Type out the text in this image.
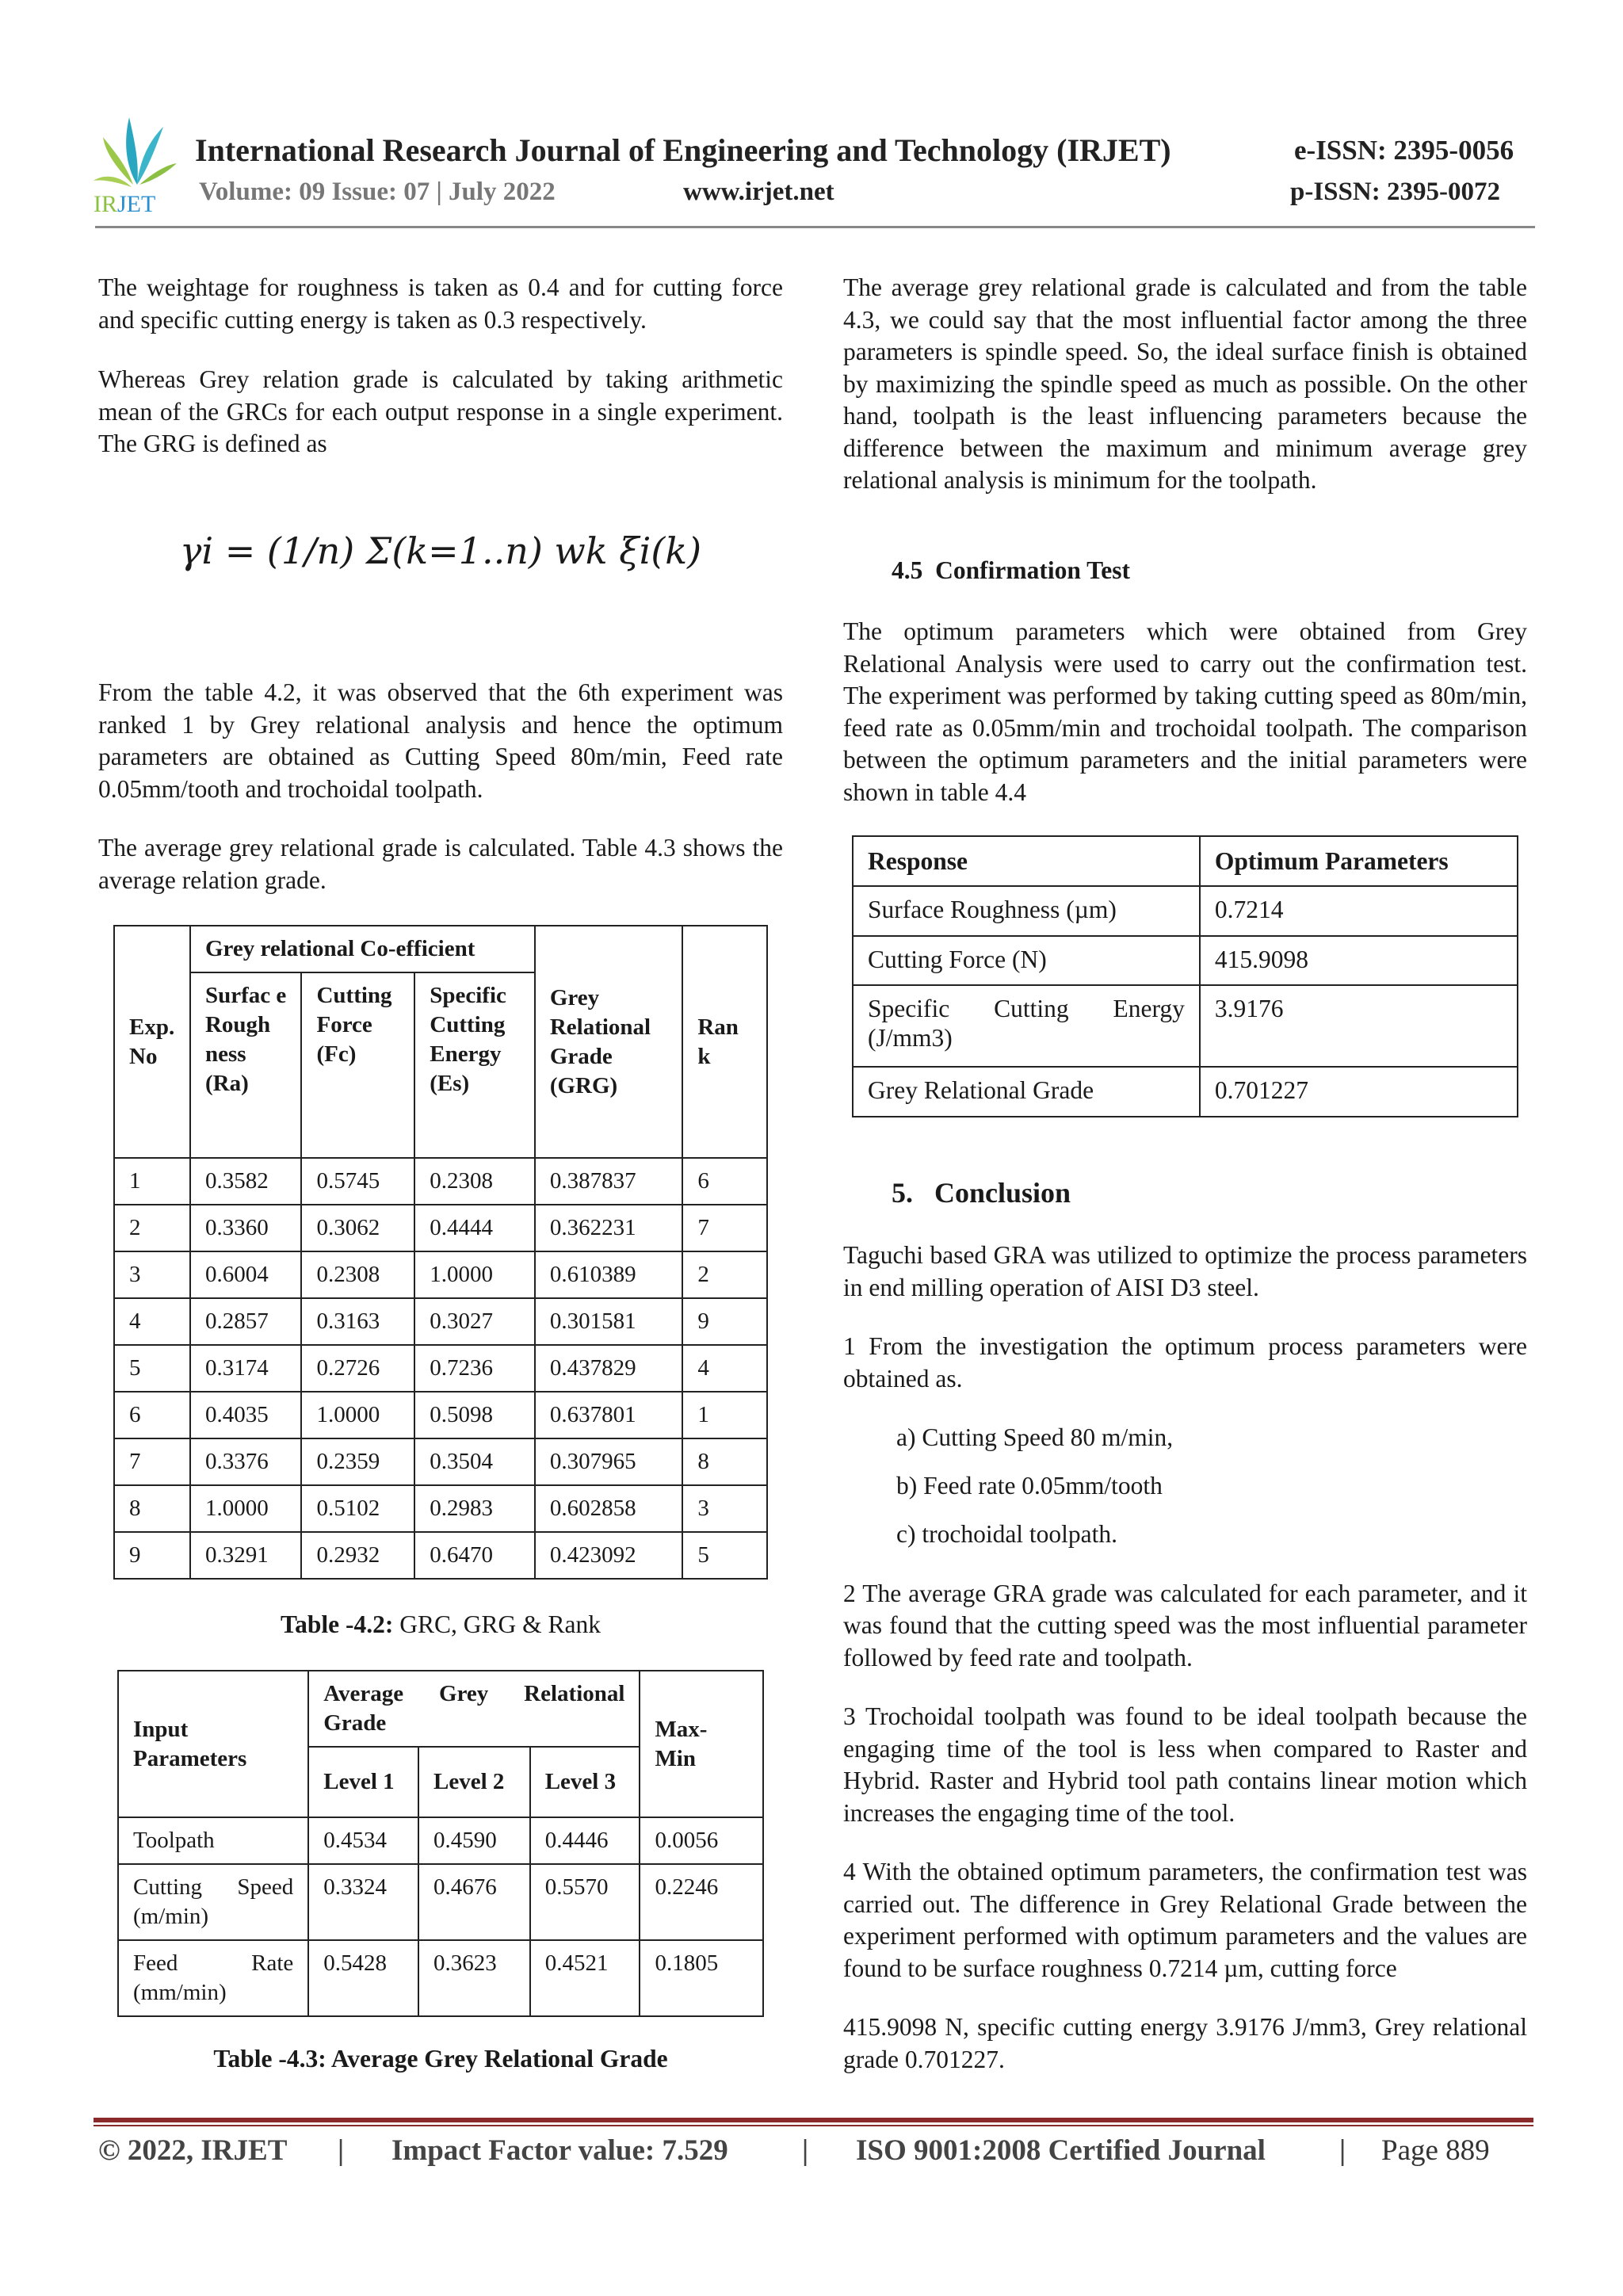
IRJET
International Research Journal of Engineering and Technology (IRJET)	e-ISSN: 2395-0056
Volume: 09 Issue: 07 | July 2022	www.irjet.net	p-ISSN: 2395-0072
The weightage for roughness is taken as 0.4 and for cutting force and specific cutting energy is taken as 0.3 respectively.
Whereas Grey relation grade is calculated by taking arithmetic mean of the GRCs for each output response in a single experiment. The GRG is defined as
γi = (1/n) Σ(k=1..n) wk ξi(k)
From the table 4.2, it was observed that the 6th experiment was ranked 1 by Grey relational analysis and hence the optimum parameters are obtained as Cutting Speed 80m/min, Feed rate 0.05mm/tooth and trochoidal toolpath.
The average grey relational grade is calculated. Table 4.3 shows the average relation grade.
Exp. No	Grey relational Co-efficient			Grey Relational Grade (GRG)	Ran k
	Surfac e Rough ness (Ra)	Cutting Force (Fc)	Specific Cutting Energy (Es)		
1	0.3582	0.5745	0.2308	0.387837	6
2	0.3360	0.3062	0.4444	0.362231	7
3	0.6004	0.2308	1.0000	0.610389	2
4	0.2857	0.3163	0.3027	0.301581	9
5	0.3174	0.2726	0.7236	0.437829	4
6	0.4035	1.0000	0.5098	0.637801	1
7	0.3376	0.2359	0.3504	0.307965	8
8	1.0000	0.5102	0.2983	0.602858	3
9	0.3291	0.2932	0.6470	0.423092	5
Table -4.2: GRC, GRG & Rank
Input Parameters	Average Grey Relational Grade			Max-Min
	Level 1	Level 2	Level 3	
Toolpath	0.4534	0.4590	0.4446	0.0056
Cutting Speed (m/min)	0.3324	0.4676	0.5570	0.2246
Feed Rate (mm/min)	0.5428	0.3623	0.4521	0.1805
Table -4.3: Average Grey Relational Grade
The average grey relational grade is calculated and from the table 4.3, we could say that the most influential factor among the three parameters is spindle speed. So, the ideal surface finish is obtained by maximizing the spindle speed as much as possible. On the other hand, toolpath is the least influencing parameters because the difference between the maximum and minimum average grey relational analysis is minimum for the toolpath.
4.5  Confirmation Test
The optimum parameters which were obtained from Grey Relational Analysis were used to carry out the confirmation test. The experiment was performed by taking cutting speed as 80m/min, feed rate as 0.05mm/min and trochoidal toolpath. The comparison between the optimum parameters and the initial parameters were shown in table 4.4
Response	Optimum Parameters
Surface Roughness (µm)	0.7214
Cutting Force (N)	415.9098
Specific Cutting Energy (J/mm3)	3.9176
Grey Relational Grade	0.701227
5.   Conclusion
Taguchi based GRA was utilized to optimize the process parameters in end milling operation of AISI D3 steel.
1 From the investigation the optimum process parameters were obtained as.
a) Cutting Speed 80 m/min,
b) Feed rate 0.05mm/tooth
c) trochoidal toolpath.
2 The average GRA grade was calculated for each parameter, and it was found that the cutting speed was the most influential parameter followed by feed rate and toolpath.
3 Trochoidal toolpath was found to be ideal toolpath because the engaging time of the tool is less when compared to Raster and Hybrid. Raster and Hybrid tool path contains linear motion which increases the engaging time of the tool.
4 With the obtained optimum parameters, the confirmation test was carried out. The difference in Grey Relational Grade between the experiment performed with optimum parameters and the values are found to be surface roughness 0.7214 µm, cutting force
415.9098 N, specific cutting energy 3.9176 J/mm3, Grey relational grade 0.701227.
© 2022, IRJET | Impact Factor value: 7.529	| ISO 9001:2008 Certified Journal	| Page 889
